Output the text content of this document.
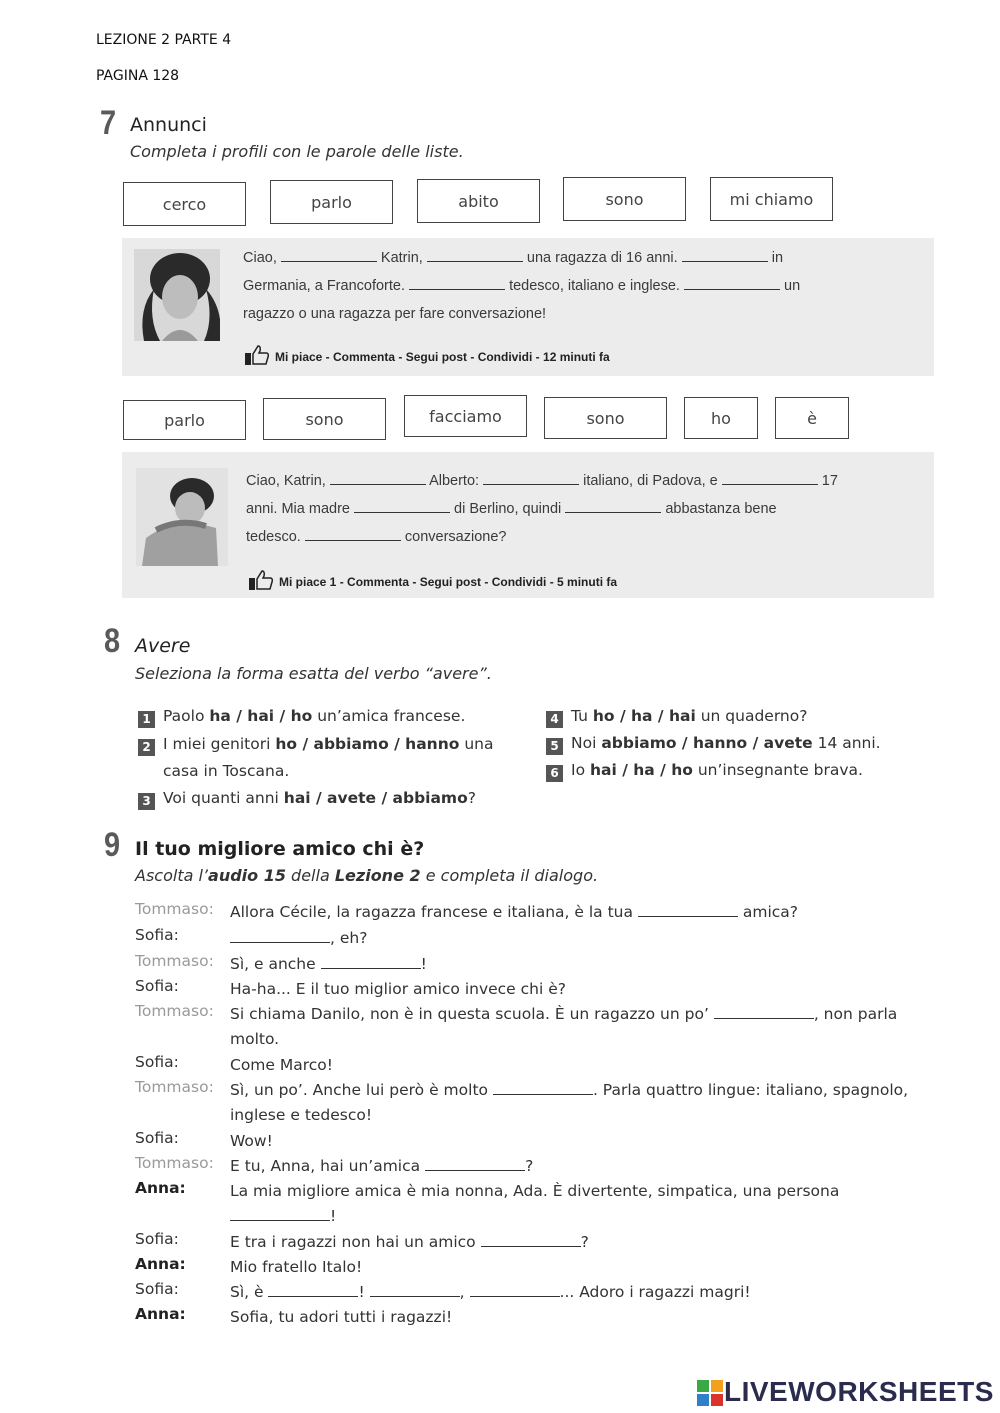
LEZIONE 2 PARTE 4
PAGINA 128
7 Annunci
Completa i profili con le parole delle liste.
cerco	parlo	abito	sono	mi chiamo
Ciao,	Katrin,	una ragazza di 16 anni.	in
Germania, a Francoforte.	tedesco, italiano e inglese.	un
ragazzo o una ragazza per fare conversazione!
Mi piace - Commenta - Segui post - Condividi - 12 minuti fa
parlo	sono	facciamo	sono	ho	è
Ciao, Katrin,	Alberto:	italiano, di Padova, e	17
anni. Mia madre	di Berlino, quindi	abbastanza bene
tedesco.	conversazione?
Mi piace 1 - Commenta - Segui post - Condividi - 5 minuti fa
8 Avere
Seleziona la forma esatta del verbo “avere”.
1 Paolo ha / hai / ho un’amica francese.
2 I miei genitori ho / abbiamo / hanno una
casa in Toscana.
3 Voi quanti anni hai / avete / abbiamo?
4 Tu ho / ha / hai un quaderno?
5 Noi abbiamo / hanno / avete 14 anni.
6 Io hai / ha / ho un’insegnante brava.
9 Il tuo migliore amico chi è?
Ascolta l’audio 15 della Lezione 2 e completa il dialogo.
Tommaso:	Allora Cécile, la ragazza francese e italiana, è la tua	amica?
Sofia:	, eh?
Tommaso:	Sì, e anche	!
Sofia:	Ha-ha... E il tuo miglior amico invece chi è?
Tommaso:	Si chiama Danilo, non è in questa scuola. È un ragazzo un po’	, non parla
molto.
Sofia:	Come Marco!
Tommaso:	Sì, un po’. Anche lui però è molto	. Parla quattro lingue: italiano, spagnolo,
inglese e tedesco!
Sofia:	Wow!
Tommaso:	E tu, Anna, hai un’amica	?
Anna:	La mia migliore amica è mia nonna, Ada. È divertente, simpatica, una persona
!
Sofia:	E tra i ragazzi non hai un amico	?
Anna:	Mio fratello Italo!
Sofia:	Sì, è	!	,	... Adoro i ragazzi magri!
Anna:	Sofia, tu adori tutti i ragazzi!
LIVEWORKSHEETS
